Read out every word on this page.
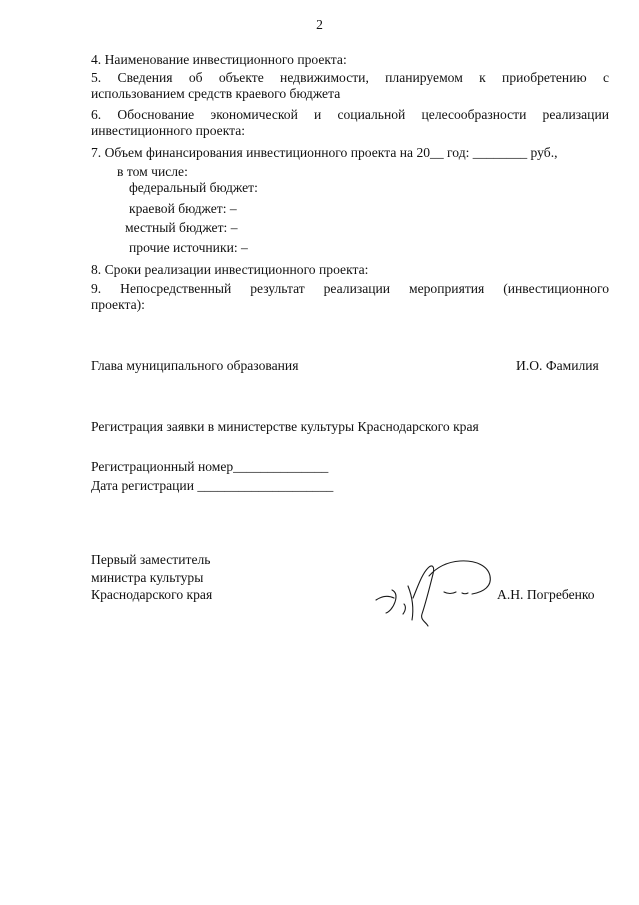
2
4. Наименование инвестиционного проекта:
5. Сведения об объекте недвижимости, планируемом к приобретению с
использованием средств краевого бюджета
6. Обоснование экономической и социальной целесообразности реализации
инвестиционного проекта:
7. Объем финансирования инвестиционного проекта на 20__ год: ________ руб.,
в том числе:
федеральный бюджет:
краевой бюджет: –
местный бюджет: –
прочие источники: –
8. Сроки реализации инвестиционного проекта:
9. Непосредственный результат реализации мероприятия (инвестиционного
проекта):
Глава муниципального образования	И.О. Фамилия
Регистрация заявки в министерстве культуры Краснодарского края
Регистрационный номер______________
Дата регистрации ____________________
Первый заместитель
министра культуры
Краснодарского края	А.Н. Погребенко
